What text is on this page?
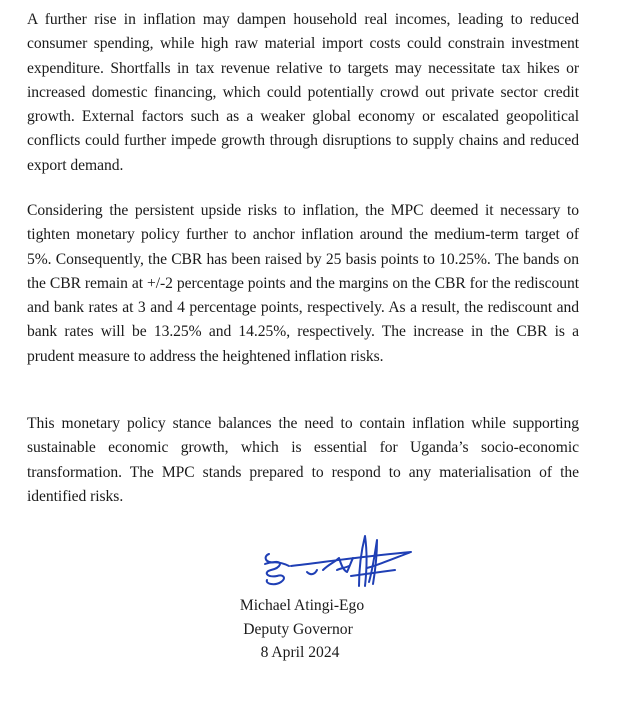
A further rise in inflation may dampen household real incomes, leading to reduced consumer spending, while high raw material import costs could constrain investment expenditure. Shortfalls in tax revenue relative to targets may necessitate tax hikes or increased domestic financing, which could potentially crowd out private sector credit growth. External factors such as a weaker global economy or escalated geopolitical conflicts could further impede growth through disruptions to supply chains and reduced export demand.

Considering the persistent upside risks to inflation, the MPC deemed it necessary to tighten monetary policy further to anchor inflation around the medium-term target of 5%. Consequently, the CBR has been raised by 25 basis points to 10.25%. The bands on the CBR remain at +/-2 percentage points and the margins on the CBR for the rediscount and bank rates at 3 and 4 percentage points, respectively. As a result, the rediscount and bank rates will be 13.25% and 14.25%, respectively. The increase in the CBR is a prudent measure to address the heightened inflation risks.

This monetary policy stance balances the need to contain inflation while supporting sustainable economic growth, which is essential for Uganda’s socio-economic transformation. The MPC stands prepared to respond to any materialisation of the identified risks.

Michael Atingi-Ego

Deputy Governor

8 April 2024
